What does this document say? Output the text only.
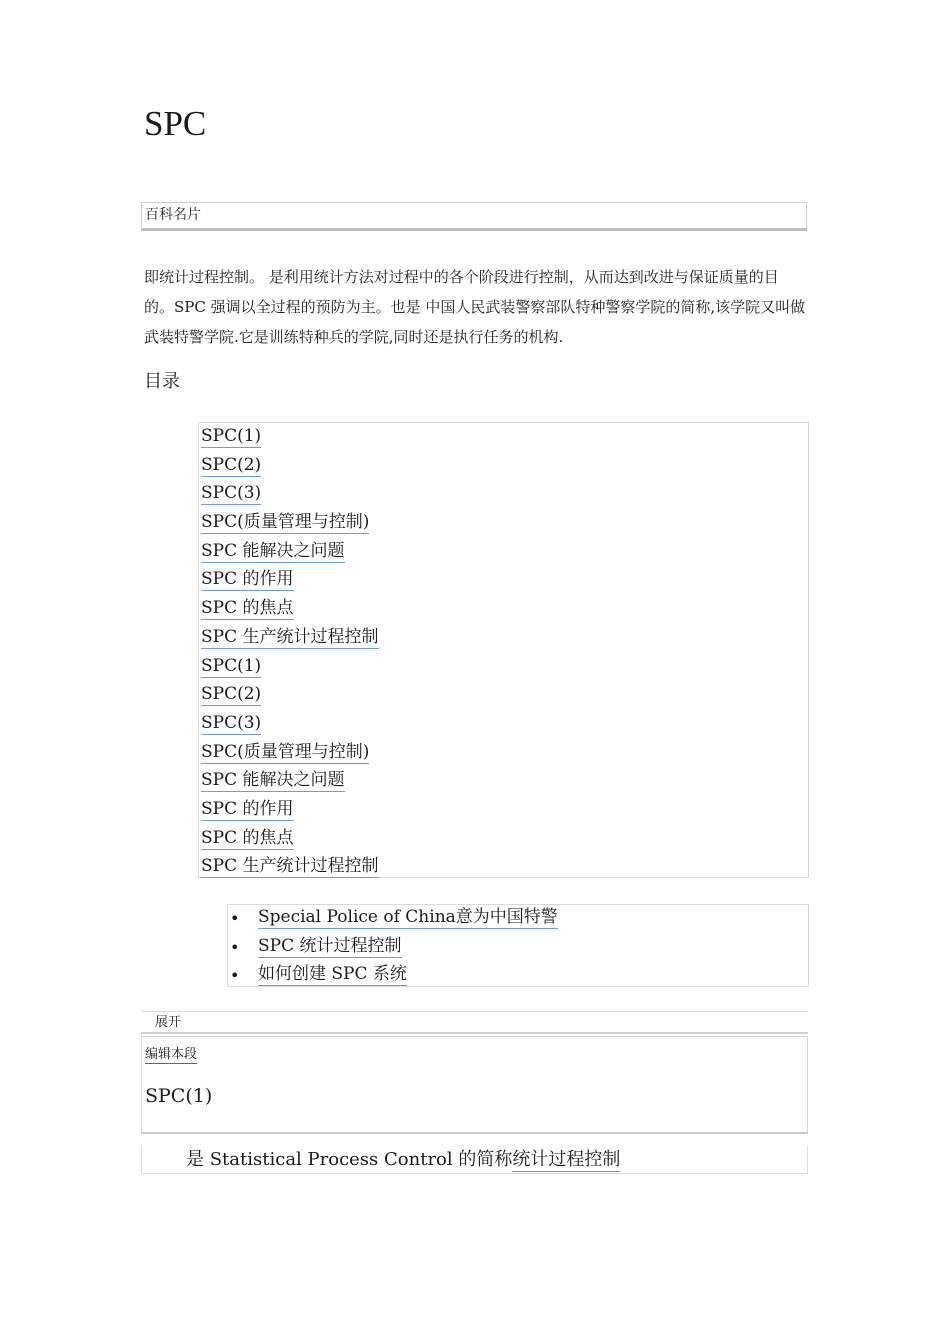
SPC
百科名片

即统计过程控制。 是利用统计方法对过程中的各个阶段进行控制，从而达到改进与保证质量的目的。SPC 强调以全过程的预防为主。也是 中国人民武装警察部队特种警察学院的简称,该学院又叫做武装特警学院.它是训练特种兵的学院,同时还是执行任务的机构.

目录
SPC(1)
SPC(2)
SPC(3)
SPC(质量管理与控制)
SPC 能解决之问题
SPC 的作用
SPC 的焦点
SPC 生产统计过程控制
SPC(1)
SPC(2)
SPC(3)
SPC(质量管理与控制)
SPC 能解决之问题
SPC 的作用
SPC 的焦点
SPC 生产统计过程控制
• Special Police of China意为中国特警
• SPC 统计过程控制
• 如何创建 SPC 系统
展开
编辑本段
SPC(1)
是 Statistical Process Control 的简称统计过程控制
